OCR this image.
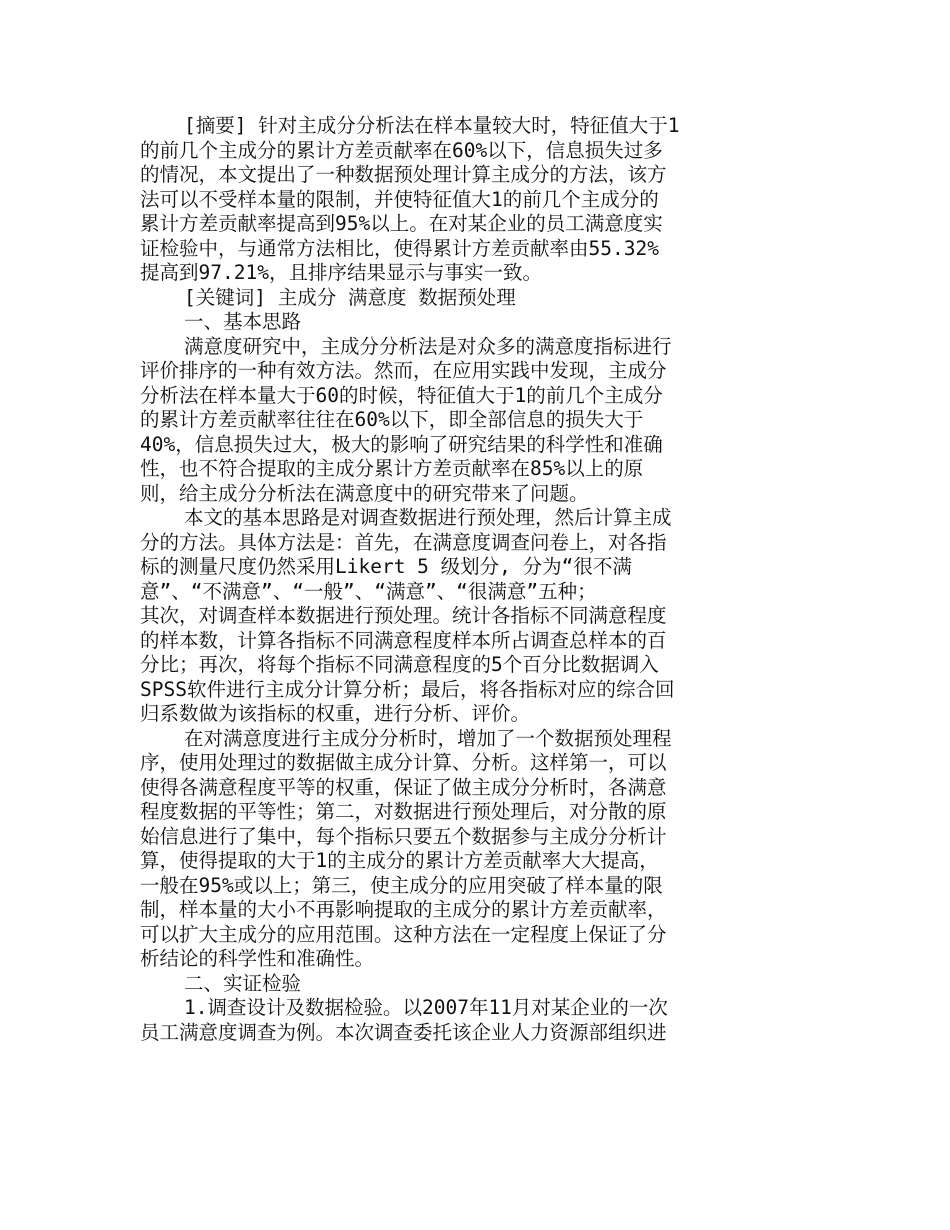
[摘要] 针对主成分分析法在样本量较大时，特征值大于1
的前几个主成分的累计方差贡献率在60%以下，信息损失过多
的情况，本文提出了一种数据预处理计算主成分的方法，该方
法可以不受样本量的限制，并使特征值大1的前几个主成分的
累计方差贡献率提高到95%以上。在对某企业的员工满意度实
证检验中，与通常方法相比，使得累计方差贡献率由55.32%
提高到97.21%，且排序结果显示与事实一致。
[关键词] 主成分 满意度 数据预处理
一、基本思路
满意度研究中，主成分分析法是对众多的满意度指标进行
评价排序的一种有效方法。然而，在应用实践中发现，主成分
分析法在样本量大于60的时候，特征值大于1的前几个主成分
的累计方差贡献率往往在60%以下，即全部信息的损失大于
40%，信息损失过大，极大的影响了研究结果的科学性和准确
性，也不符合提取的主成分累计方差贡献率在85%以上的原
则，给主成分分析法在满意度中的研究带来了问题。
本文的基本思路是对调查数据进行预处理，然后计算主成
分的方法。具体方法是：首先，在满意度调查问卷上，对各指
标的测量尺度仍然采用Likert 5 级划分, 分为“很不满
意”、“不满意”、“一般”、“满意”、“很满意”五种；
其次，对调查样本数据进行预处理。统计各指标不同满意程度
的样本数，计算各指标不同满意程度样本所占调查总样本的百
分比；再次，将每个指标不同满意程度的5个百分比数据调入
SPSS软件进行主成分计算分析；最后，将各指标对应的综合回
归系数做为该指标的权重，进行分析、评价。
在对满意度进行主成分分析时，增加了一个数据预处理程
序，使用处理过的数据做主成分计算、分析。这样第一，可以
使得各满意程度平等的权重，保证了做主成分分析时，各满意
程度数据的平等性；第二，对数据进行预处理后，对分散的原
始信息进行了集中，每个指标只要五个数据参与主成分分析计
算，使得提取的大于1的主成分的累计方差贡献率大大提高，
一般在95%或以上；第三，使主成分的应用突破了样本量的限
制，样本量的大小不再影响提取的主成分的累计方差贡献率，
可以扩大主成分的应用范围。这种方法在一定程度上保证了分
析结论的科学性和准确性。
二、实证检验
1.调查设计及数据检验。以2007年11月对某企业的一次
员工满意度调查为例。本次调查委托该企业人力资源部组织进
